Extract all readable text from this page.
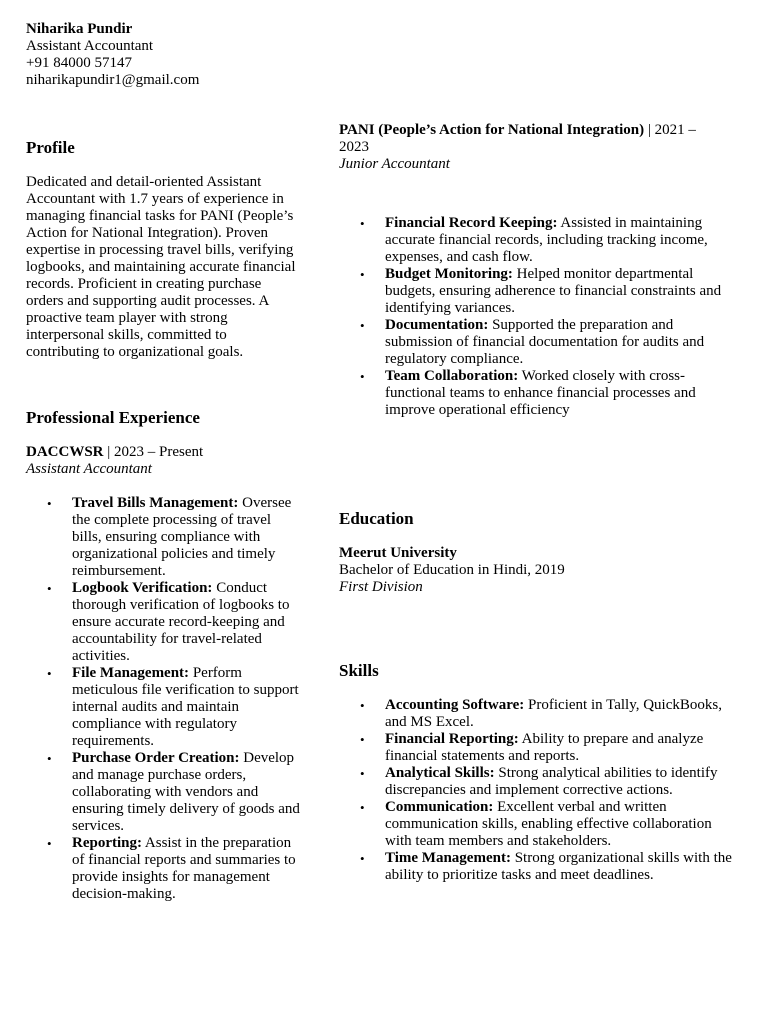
Niharika Pundir
Assistant Accountant
+91 84000 57147
niharikapundir1@gmail.com
Profile
Dedicated and detail-oriented Assistant Accountant with 1.7 years of experience in managing financial tasks for PANI (People’s Action for National Integration). Proven expertise in processing travel bills, verifying logbooks, and maintaining accurate financial records. Proficient in creating purchase orders and supporting audit processes. A proactive team player with strong interpersonal skills, committed to contributing to organizational goals.
Professional Experience
DACCWSR | 2023 – Present
Assistant Accountant
• Travel Bills Management: Oversee the complete processing of travel bills, ensuring compliance with organizational policies and timely reimbursement.
• Logbook Verification: Conduct thorough verification of logbooks to ensure accurate record-keeping and accountability for travel-related activities.
• File Management: Perform meticulous file verification to support internal audits and maintain compliance with regulatory requirements.
• Purchase Order Creation: Develop and manage purchase orders, collaborating with vendors and ensuring timely delivery of goods and services.
• Reporting: Assist in the preparation of financial reports and summaries to provide insights for management decision-making.
PANI (People’s Action for National Integration) | 2021 – 2023
Junior Accountant
• Financial Record Keeping: Assisted in maintaining accurate financial records, including tracking income, expenses, and cash flow.
• Budget Monitoring: Helped monitor departmental budgets, ensuring adherence to financial constraints and identifying variances.
• Documentation: Supported the preparation and submission of financial documentation for audits and regulatory compliance.
• Team Collaboration: Worked closely with cross-functional teams to enhance financial processes and improve operational efficiency
Education
Meerut University
Bachelor of Education in Hindi, 2019
First Division
Skills
• Accounting Software: Proficient in Tally, QuickBooks, and MS Excel.
• Financial Reporting: Ability to prepare and analyze financial statements and reports.
• Analytical Skills: Strong analytical abilities to identify discrepancies and implement corrective actions.
• Communication: Excellent verbal and written communication skills, enabling effective collaboration with team members and stakeholders.
• Time Management: Strong organizational skills with the ability to prioritize tasks and meet deadlines.
